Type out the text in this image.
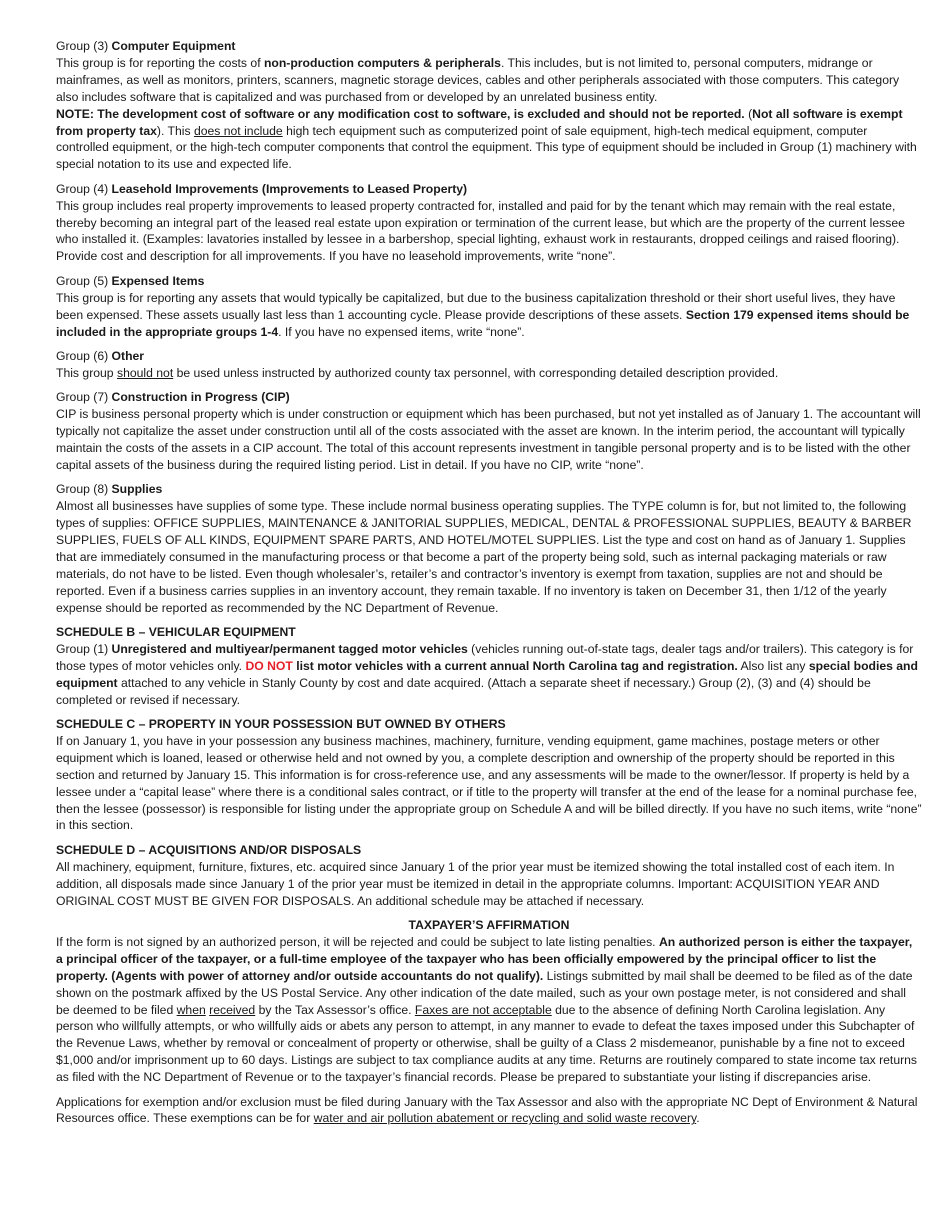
Group (3) Computer Equipment

This group is for reporting the costs of non-production computers & peripherals. This includes, but is not limited to, personal computers, midrange or mainframes, as well as monitors, printers, scanners, magnetic storage devices, cables and other peripherals associated with those computers. This category also includes software that is capitalized and was purchased from or developed by an unrelated business entity.
NOTE: The development cost of software or any modification cost to software, is excluded and should not be reported. (Not all software is exempt from property tax). This does not include high tech equipment such as computerized point of sale equipment, high-tech medical equipment, computer controlled equipment, or the high-tech computer components that control the equipment. This type of equipment should be included in Group (1) machinery with special notation to its use and expected life.

Group (4) Leasehold Improvements (Improvements to Leased Property)

This group includes real property improvements to leased property contracted for, installed and paid for by the tenant which may remain with the real estate, thereby becoming an integral part of the leased real estate upon expiration or termination of the current lease, but which are the property of the current lessee who installed it. (Examples: lavatories installed by lessee in a barbershop, special lighting, exhaust work in restaurants, dropped ceilings and raised flooring). Provide cost and description for all improvements. If you have no leasehold improvements, write “none”.

Group (5) Expensed Items

This group is for reporting any assets that would typically be capitalized, but due to the business capitalization threshold or their short useful lives, they have been expensed. These assets usually last less than 1 accounting cycle. Please provide descriptions of these assets. Section 179 expensed items should be included in the appropriate groups 1-4. If you have no expensed items, write “none”.

Group (6) Other

This group should not be used unless instructed by authorized county tax personnel, with corresponding detailed description provided.

Group (7) Construction in Progress (CIP)

CIP is business personal property which is under construction or equipment which has been purchased, but not yet installed as of January 1. The accountant will typically not capitalize the asset under construction until all of the costs associated with the asset are known. In the interim period, the accountant will typically maintain the costs of the assets in a CIP account. The total of this account represents investment in tangible personal property and is to be listed with the other capital assets of the business during the required listing period. List in detail. If you have no CIP, write “none”.

Group (8) Supplies

Almost all businesses have supplies of some type. These include normal business operating supplies. The TYPE column is for, but not limited to, the following types of supplies: OFFICE SUPPLIES, MAINTENANCE & JANITORIAL SUPPLIES, MEDICAL, DENTAL & PROFESSIONAL SUPPLIES, BEAUTY & BARBER SUPPLIES, FUELS OF ALL KINDS, EQUIPMENT SPARE PARTS, AND HOTEL/MOTEL SUPPLIES. List the type and cost on hand as of January 1. Supplies that are immediately consumed in the manufacturing process or that become a part of the property being sold, such as internal packaging materials or raw materials, do not have to be listed. Even though wholesaler’s, retailer’s and contractor’s inventory is exempt from taxation, supplies are not and should be reported. Even if a business carries supplies in an inventory account, they remain taxable. If no inventory is taken on December 31, then 1/12 of the yearly expense should be reported as recommended by the NC Department of Revenue.

SCHEDULE B – VEHICULAR EQUIPMENT

Group (1) Unregistered and multiyear/permanent tagged motor vehicles (vehicles running out-of-state tags, dealer tags and/or trailers). This category is for those types of motor vehicles only. DO NOT list motor vehicles with a current annual North Carolina tag and registration. Also list any special bodies and equipment attached to any vehicle in Stanly County by cost and date acquired. (Attach a separate sheet if necessary.) Group (2), (3) and (4) should be completed or revised if necessary.

SCHEDULE C – PROPERTY IN YOUR POSSESSION BUT OWNED BY OTHERS

If on January 1, you have in your possession any business machines, machinery, furniture, vending equipment, game machines, postage meters or other equipment which is loaned, leased or otherwise held and not owned by you, a complete description and ownership of the property should be reported in this section and returned by January 15. This information is for cross-reference use, and any assessments will be made to the owner/lessor. If property is held by a lessee under a “capital lease” where there is a conditional sales contract, or if title to the property will transfer at the end of the lease for a nominal purchase fee, then the lessee (possessor) is responsible for listing under the appropriate group on Schedule A and will be billed directly. If you have no such items, write “none” in this section.

SCHEDULE D – ACQUISITIONS AND/OR DISPOSALS

All machinery, equipment, furniture, fixtures, etc. acquired since January 1 of the prior year must be itemized showing the total installed cost of each item. In addition, all disposals made since January 1 of the prior year must be itemized in detail in the appropriate columns. Important: ACQUISITION YEAR AND ORIGINAL COST MUST BE GIVEN FOR DISPOSALS. An additional schedule may be attached if necessary.

TAXPAYER’S AFFIRMATION

If the form is not signed by an authorized person, it will be rejected and could be subject to late listing penalties. An authorized person is either the taxpayer, a principal officer of the taxpayer, or a full-time employee of the taxpayer who has been officially empowered by the principal officer to list the property. (Agents with power of attorney and/or outside accountants do not qualify). Listings submitted by mail shall be deemed to be filed as of the date shown on the postmark affixed by the US Postal Service. Any other indication of the date mailed, such as your own postage meter, is not considered and shall be deemed to be filed when received by the Tax Assessor’s office. Faxes are not acceptable due to the absence of defining North Carolina legislation. Any person who willfully attempts, or who willfully aids or abets any person to attempt, in any manner to evade to defeat the taxes imposed under this Subchapter of the Revenue Laws, whether by removal or concealment of property or otherwise, shall be guilty of a Class 2 misdemeanor, punishable by a fine not to exceed $1,000 and/or imprisonment up to 60 days. Listings are subject to tax compliance audits at any time. Returns are routinely compared to state income tax returns as filed with the NC Department of Revenue or to the taxpayer’s financial records. Please be prepared to substantiate your listing if discrepancies arise.

Applications for exemption and/or exclusion must be filed during January with the Tax Assessor and also with the appropriate NC Dept of Environment & Natural Resources office. These exemptions can be for water and air pollution abatement or recycling and solid waste recovery.
